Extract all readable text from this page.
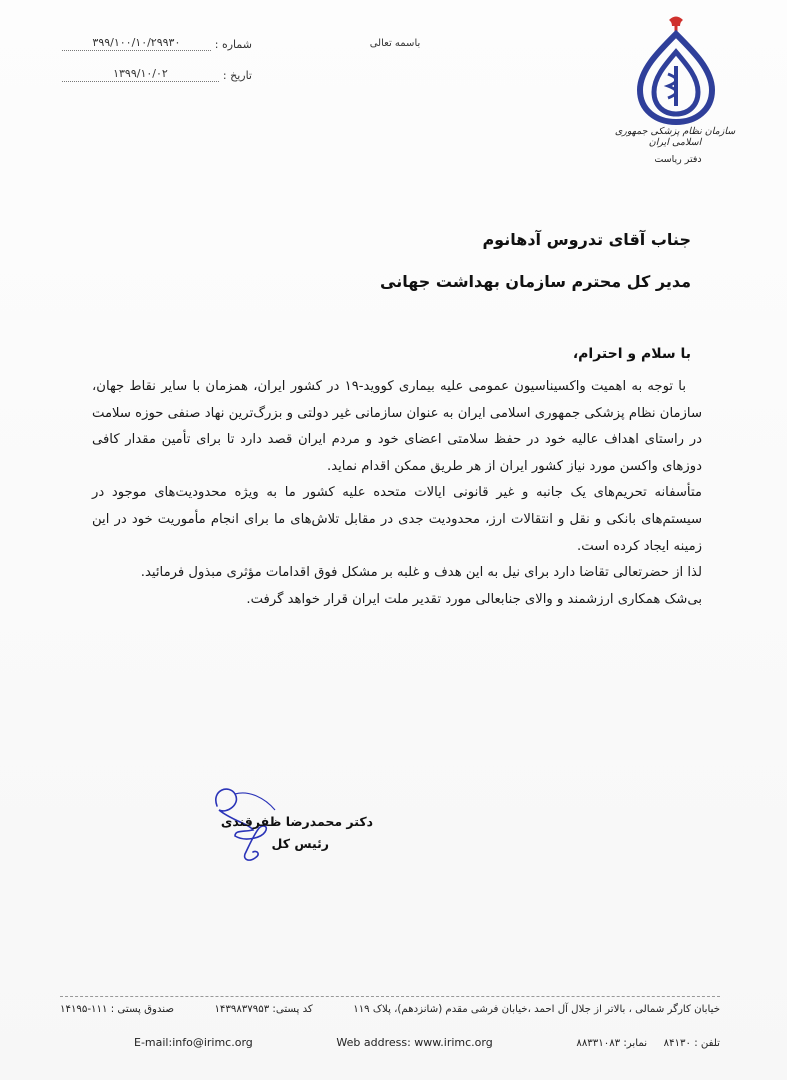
شماره :
۳۹۹/۱۰۰/۱۰/۲۹۹۳۰
تاریخ :
۱۳۹۹/۱۰/۰۲
باسمه تعالی
سازمان نظام پزشکی جمهوری اسلامی ایران
دفتر ریاست
جناب آقای تدروس آدهانوم
مدیر کل محترم سازمان بهداشت جهانی
با سلام و احترام،

با توجه به اهمیت واکسیناسیون عمومی علیه بیماری کووید-۱۹ در کشور ایران، همزمان با سایر نقاط جهان، سازمان نظام پزشکی جمهوری اسلامی ایران به عنوان سازمانی غیر دولتی و بزرگ‌ترین نهاد صنفی حوزه سلامت در راستای اهداف عالیه خود در حفظ سلامتی اعضای خود و مردم ایران قصد دارد تا برای تأمین مقدار کافی دوزهای واکسن مورد نیاز کشور ایران از هر طریق ممکن اقدام نماید.

متأسفانه تحریم‌های یک جانبه و غیر قانونی ایالات متحده علیه کشور ما به ویژه محدودیت‌های موجود در سیستم‌های بانکی و نقل و انتقالات ارز، محدودیت جدی در مقابل تلاش‌های ما برای انجام مأموریت خود در این زمینه ایجاد کرده است.

لذا از حضرتعالی تقاضا دارد برای نیل به این هدف و غلبه بر مشکل فوق اقدامات مؤثری مبذول فرمائید.

بی‌شک همکاری ارزشمند و والای جنابعالی مورد تقدیر ملت ایران قرار خواهد گرفت.

دکتر محمدرضا ظفرقندی
رئیس کل
خیابان کارگر شمالی ، بالاتر از جلال آل احمد ،خیابان فرشی مقدم (شانزدهم)، پلاک ۱۱۹
کد پستی: ۱۴۳۹۸۳۷۹۵۳
صندوق پستی : ۱۱۱-۱۴۱۹۵
تلفن : ۸۴۱۳۰  نمابر: ۸۸۳۳۱۰۸۳
Web address: www.irimc.org
E-mail:info@irimc.org
